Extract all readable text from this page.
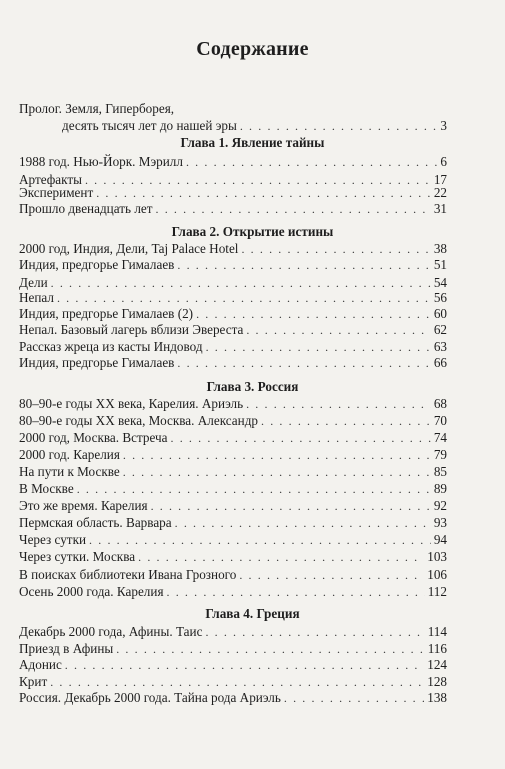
Содержание
Пролог. Земля, Гиперборея,
десять тысяч лет до нашей эры . . .	3
Глава 1. Явление тайны
1988 год. Нью-Йорк. Мэрилл . . .	6
Артефакты . . .	17
Эксперимент . . .	22
Прошло двенадцать лет . . .	31
Глава 2. Открытие истины
2000 год, Индия, Дели, Taj Palace Hotel . . .	38
Индия, предгорье Гималаев . . .	51
Дели . . .	54
Непал . . .	56
Индия, предгорье Гималаев (2) . . .	60
Непал. Базовый лагерь вблизи Эвереста . . .	62
Рассказ жреца из касты Индовод . . .	63
Индия, предгорье Гималаев . . .	66
Глава 3. Россия
80–90-е годы XX века, Карелия. Ариэль . . .	68
80–90-е годы XX века, Москва. Александр . . .	70
2000 год, Москва. Встреча . . .	74
2000 год. Карелия . . .	79
На пути к Москве . . .	85
В Москве . . .	89
Это же время. Карелия . . .	92
Пермская область. Варвара . . .	93
Через сутки . . .	94
Через сутки. Москва . . .	103
В поисках библиотеки Ивана Грозного . . .	106
Осень 2000 года. Карелия . . .	112
Глава 4. Греция
Декабрь 2000 года, Афины. Таис . . .	114
Приезд в Афины . . .	116
Адонис . . .	124
Крит . . .	128
Россия. Декабрь 2000 года. Тайна рода Ариэль . . .	138
